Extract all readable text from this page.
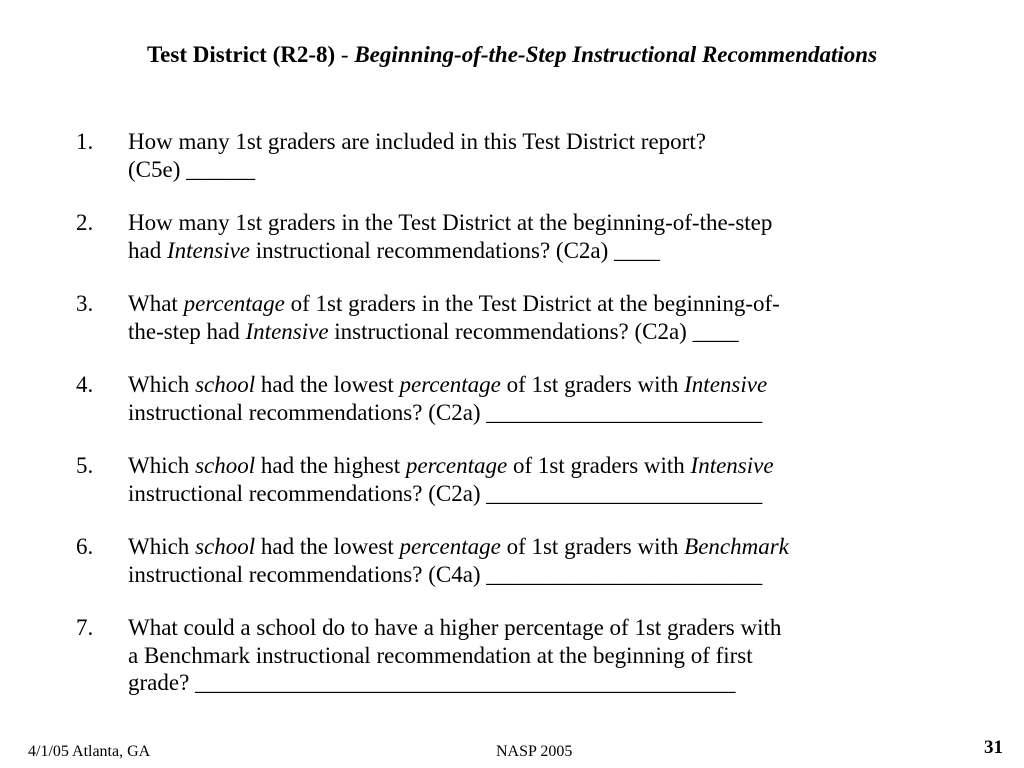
Test District (R2-8) - Beginning-of-the-Step Instructional Recommendations
1. How many 1st graders are included in this Test District report?
(C5e) ______
2. How many 1st graders in the Test District at the beginning-of-the-step
had Intensive instructional recommendations? (C2a) ____
3. What percentage of 1st graders in the Test District at the beginning-of-
the-step had Intensive instructional recommendations? (C2a) ____
4. Which school had the lowest percentage of 1st graders with Intensive
instructional recommendations? (C2a) ________________________
5. Which school had the highest percentage of 1st graders with Intensive
instructional recommendations? (C2a) ________________________
6. Which school had the lowest percentage of 1st graders with Benchmark
instructional recommendations? (C4a) ________________________
7. What could a school do to have a higher percentage of 1st graders with
a Benchmark instructional recommendation at the beginning of first
grade? _______________________________________________
4/1/05 Atlanta, GA	NASP 2005	31
